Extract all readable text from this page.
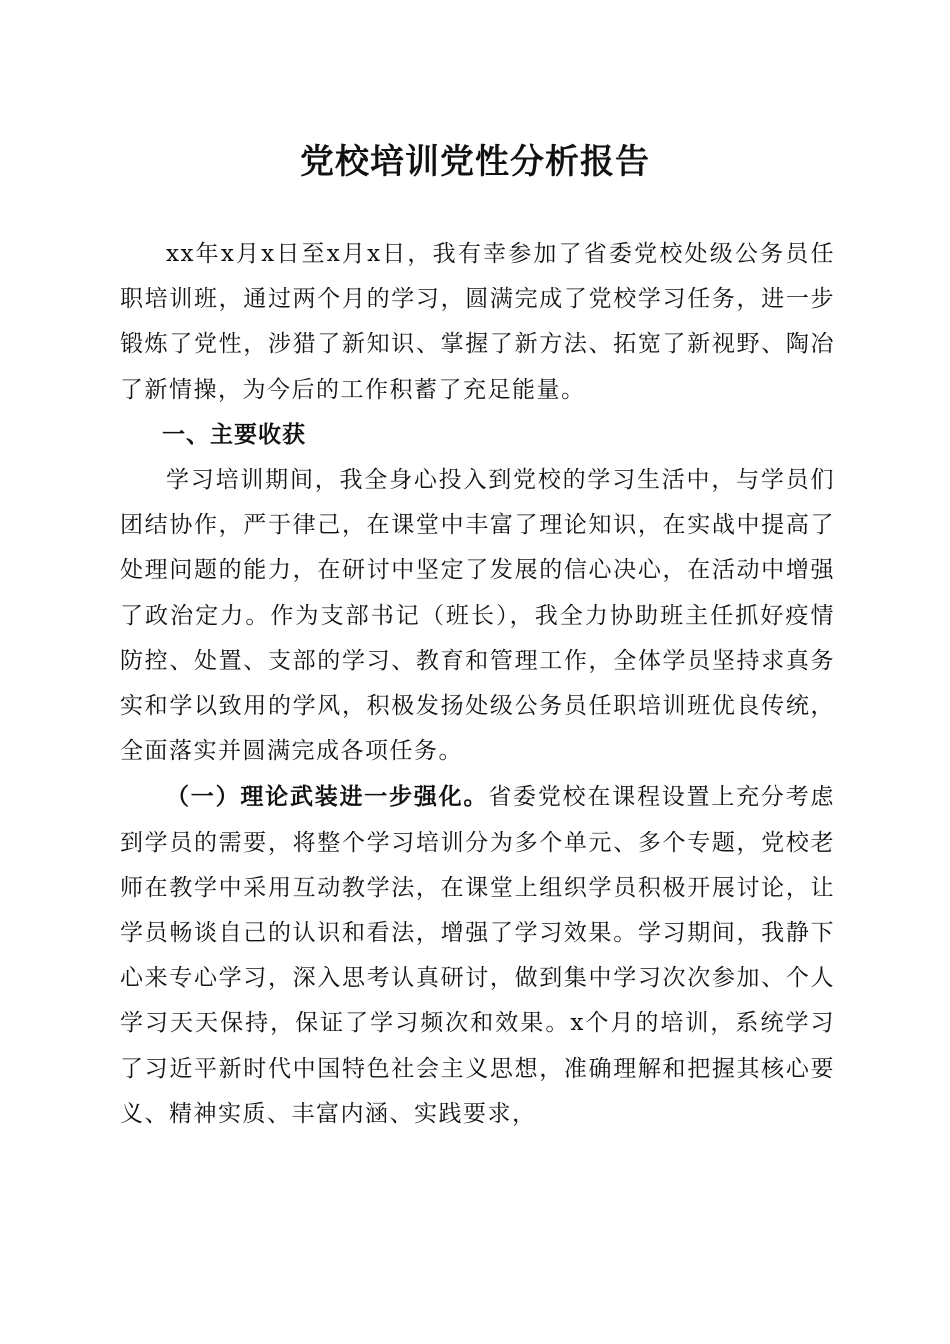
党校培训党性分析报告

xx年x月x日至x月x日，我有幸参加了省委党校处级公务员任职培训班，通过两个月的学习，圆满完成了党校学习任务，进一步锻炼了党性，涉猎了新知识、掌握了新方法、拓宽了新视野、陶冶了新情操，为今后的工作积蓄了充足能量。

一、主要收获

学习培训期间，我全身心投入到党校的学习生活中，与学员们团结协作，严于律己，在课堂中丰富了理论知识，在实战中提高了处理问题的能力，在研讨中坚定了发展的信心决心，在活动中增强了政治定力。作为支部书记（班长），我全力协助班主任抓好疫情防控、处置、支部的学习、教育和管理工作，全体学员坚持求真务实和学以致用的学风，积极发扬处级公务员任职培训班优良传统，全面落实并圆满完成各项任务。

（一）理论武装进一步强化。省委党校在课程设置上充分考虑到学员的需要，将整个学习培训分为多个单元、多个专题，党校老师在教学中采用互动教学法，在课堂上组织学员积极开展讨论，让学员畅谈自己的认识和看法，增强了学习效果。学习期间，我静下心来专心学习，深入思考认真研讨，做到集中学习次次参加、个人学习天天保持，保证了学习频次和效果。x个月的培训，系统学习了习近平新时代中国特色社会主义思想，准确理解和把握其核心要义、精神实质、丰富内涵、实践要求，
